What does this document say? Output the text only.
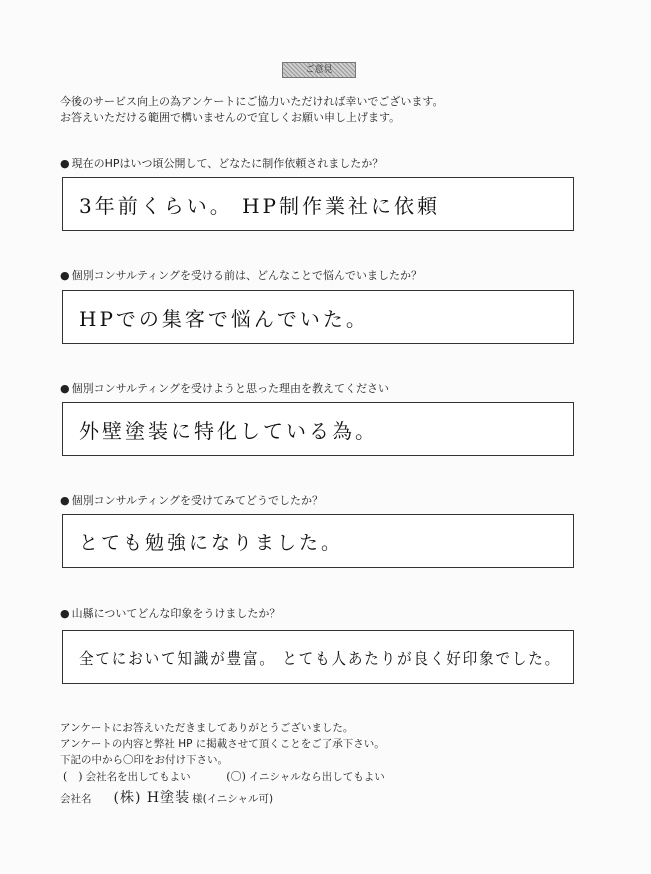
ご意見
今後のサービス向上の為アンケートにご協力いただければ幸いでございます。
お答えいただける範囲で構いませんので宜しくお願い申し上げます。
● 現在のHPはいつ頃公開して、どなたに制作依頼されましたか？
3年前くらい。 HP制作業社に依頼
● 個別コンサルティングを受ける前は、どんなことで悩んでいましたか？
HPでの集客で悩んでいた。
● 個別コンサルティングを受けようと思った理由を教えてください
外壁塗装に特化している為。
● 個別コンサルティングを受けてみてどうでしたか？
とても勉強になりました。
● 山縣についてどんな印象をうけましたか？
全てにおいて知識が豊富。 とても人あたりが良く好印象でした。
アンケートにお答えいただきましてありがとうございました。
アンケートの内容と弊社 HP に掲載させて頂くことをご了承下さい。
下記の中から〇印をお付け下さい。
(　) 会社名を出してもよい	(〇) イニシャルなら出してもよい
会社名 (株) H塗装 様(イニシャル可)
